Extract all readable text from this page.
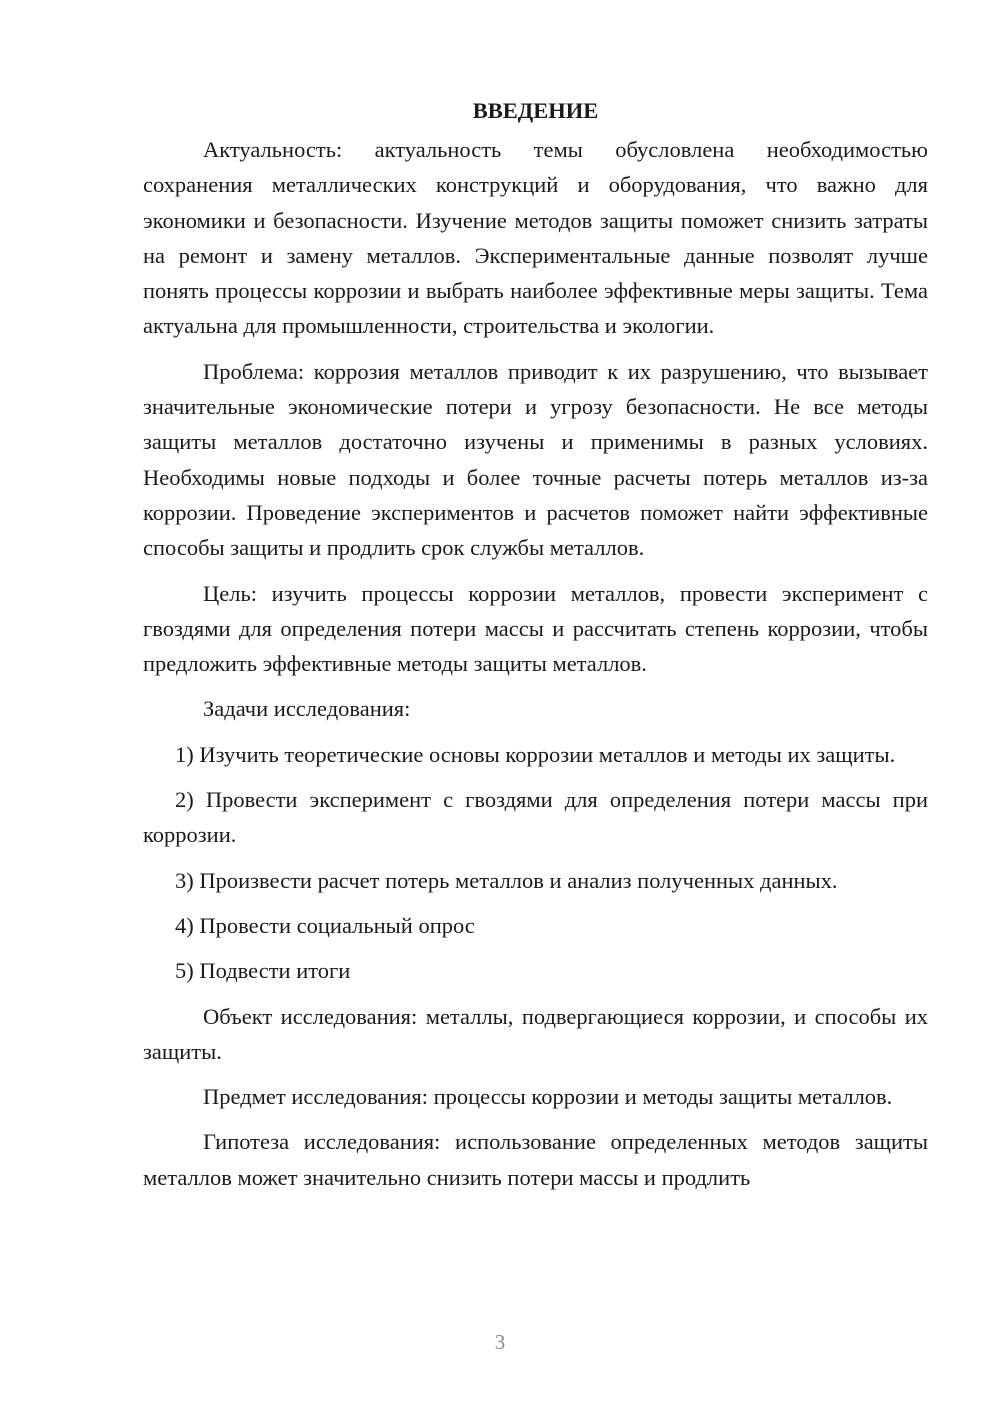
ВВЕДЕНИЕ

Актуальность: актуальность темы обусловлена необходимостью сохранения металлических конструкций и оборудования, что важно для экономики и безопасности. Изучение методов защиты поможет снизить затраты на ремонт и замену металлов. Экспериментальные данные позволят лучше понять процессы коррозии и выбрать наиболее эффективные меры защиты. Тема актуальна для промышленности, строительства и экологии.

Проблема: коррозия металлов приводит к их разрушению, что вызывает значительные экономические потери и угрозу безопасности. Не все методы защиты металлов достаточно изучены и применимы в разных условиях. Необходимы новые подходы и более точные расчеты потерь металлов из-за коррозии. Проведение экспериментов и расчетов поможет найти эффективные способы защиты и продлить срок службы металлов.

Цель: изучить процессы коррозии металлов, провести эксперимент с гвоздями для определения потери массы и рассчитать степень коррозии, чтобы предложить эффективные методы защиты металлов.

Задачи исследования:

1) Изучить теоретические основы коррозии металлов и методы их защиты.

2) Провести эксперимент с гвоздями для определения потери массы при коррозии.

3) Произвести расчет потерь металлов и анализ полученных данных.

4) Провести социальный опрос

5) Подвести итоги

Объект исследования: металлы, подвергающиеся коррозии, и способы их защиты.

Предмет исследования: процессы коррозии и методы защиты металлов.

Гипотеза исследования: использование определенных методов защиты металлов может значительно снизить потери массы и продлить

3
